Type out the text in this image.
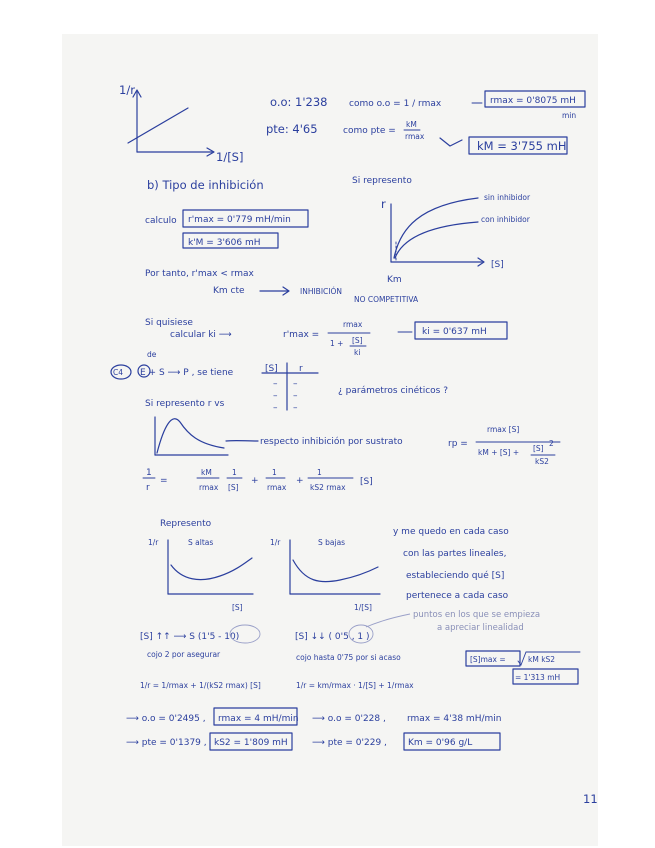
1/r
1/[S]
o.o: 1'238 como o.o = 1 / rmax	rmax = 0'8075 mH
min
pte: 4'65	como pte =
kM
rmax
kM = 3'755 mH
b) Tipo de inhibición	Si represento
calculo r'max = 0'779 mH/min
k'M = 3'606 mH
r
[S]
Km
sin inhibidor
con inhibidor
Por tanto, r'max < rmax
Km cte	INHIBICIÓN
NO COMPETITIVA
Si quisiese
calcular ki ⟶	r'max =
rmax
1 + [S]
ki
ki = 0'637 mH
de
C4 E + S ⟶ P , se tiene	[S] r
– –
– –
– –
¿ parámetros cinéticos ?
Si represento r vs
respecto inhibición por sustrato	rp =
rmax [S]
kM + [S] + [S]
2
kS2
1
r
=
kM
rmax
1
[S]
+
1
rmax
+
1
kS2 rmax
[S]
Represento
1/r	S altas
[S]
1/r	S bajas
1/[S]
y me quedo en cada caso
con las partes lineales,
estableciendo qué [S]
pertenece a cada caso
puntos en los que se empieza
a apreciar linealidad
[S] ↑↑ ⟶ S (1'5 - 10)
cojo 2 por asegurar
[S] ↓↓ ( 0'5 , 1 )
cojo hasta 0'75 por si acaso	[S]max =	kM kS2
= 1'313 mH
1/r = 1/rmax + 1/(kS2 rmax) [S]	1/r = km/rmax · 1/[S] + 1/rmax
⟶ o.o = 0'2495 , rmax = 4 mH/min
⟶ pte = 0'1379 , kS2 = 1'809 mH
⟶ o.o = 0'228 , rmax = 4'38 mH/min
⟶ pte = 0'229 , Km = 0'96 g/L
11
